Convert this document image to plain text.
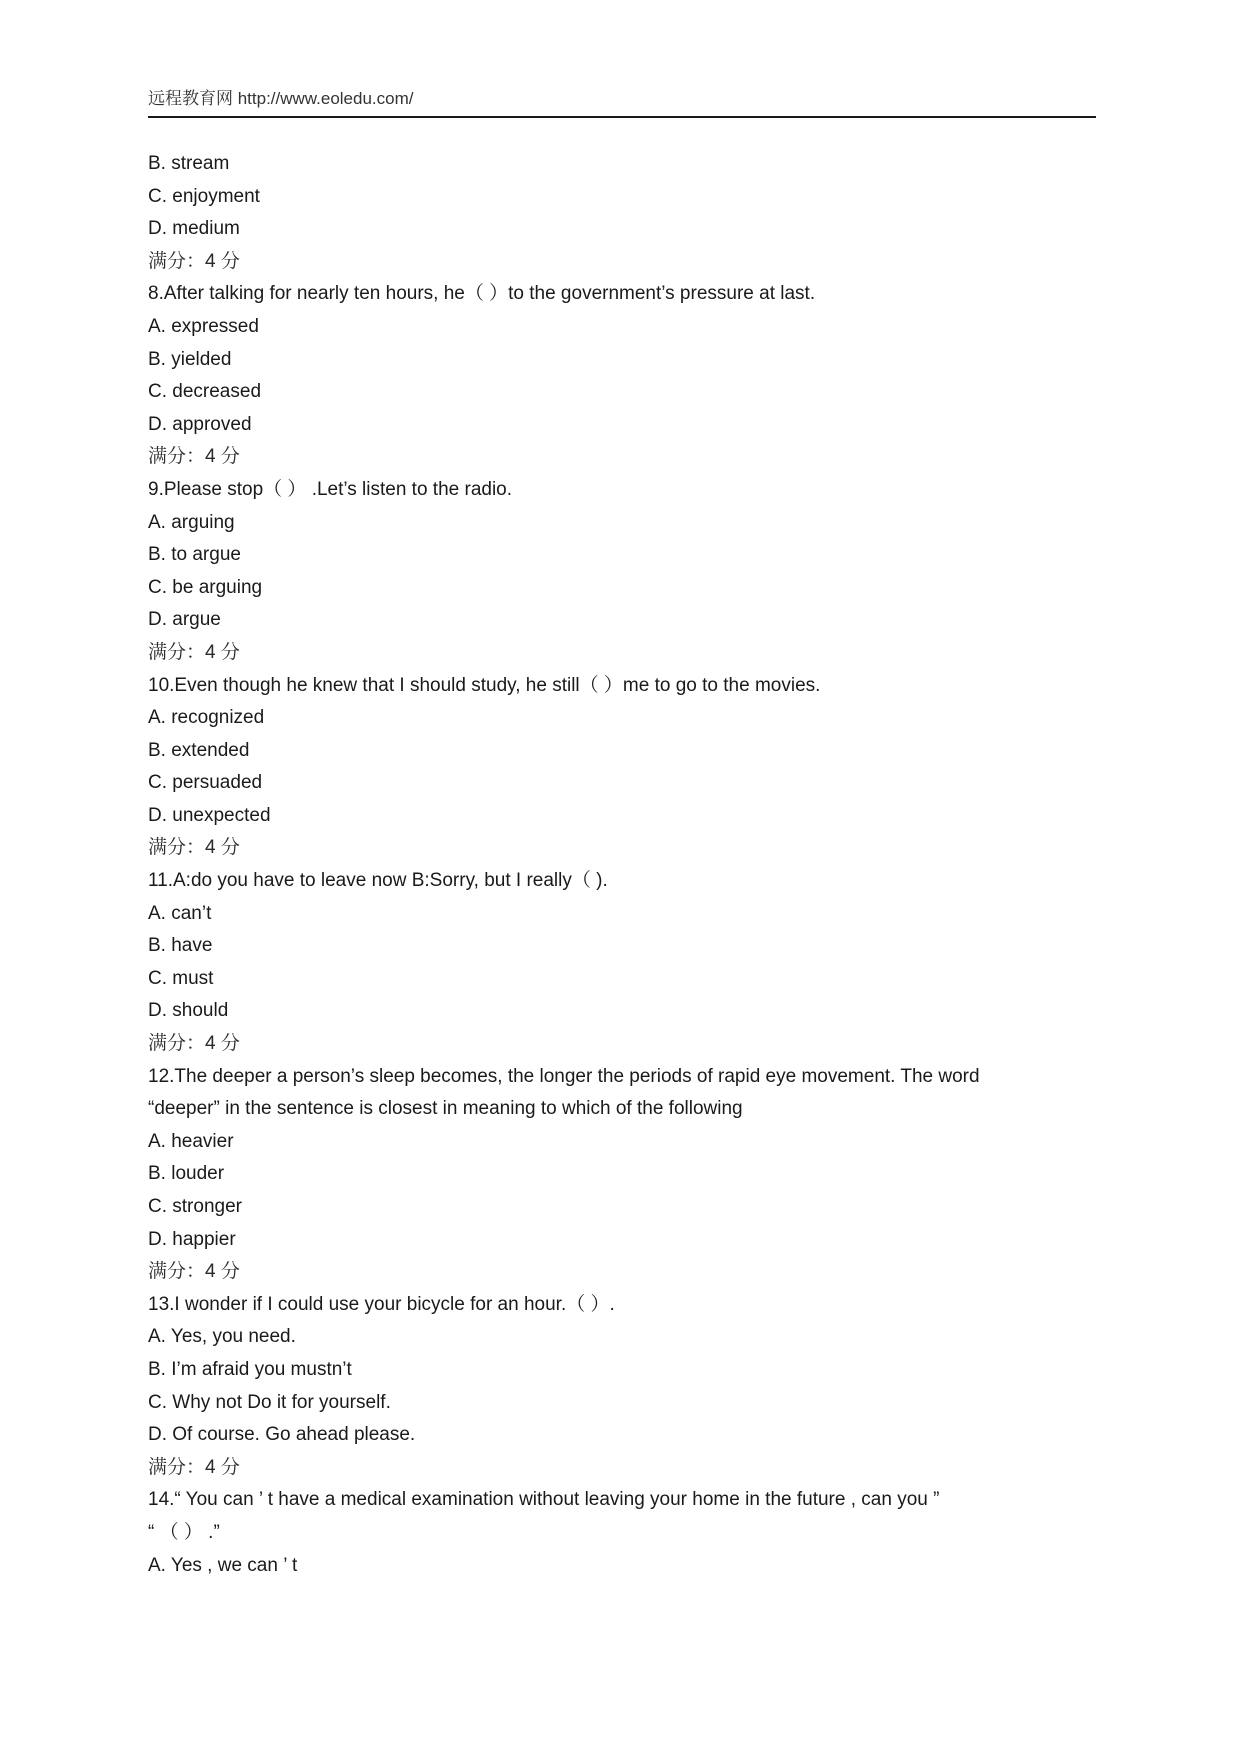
远程教育网 http://www.eoledu.com/

B. stream

C. enjoyment

D. medium

满分：4 分

8.After talking for nearly ten hours, he（ ）to the government’s pressure at last.

A. expressed

B. yielded

C. decreased

D. approved

满分：4 分

9.Please stop（ ） .Let’s listen to the radio.

A. arguing

B. to argue

C. be arguing

D. argue

满分：4 分

10.Even though he knew that I should study, he still（ ）me to go to the movies.

A. recognized

B. extended

C. persuaded

D. unexpected

满分：4 分

11.A:do you have to leave now B:Sorry, but I really（ ).

A. can’t

B. have

C. must

D. should

满分：4 分

12.The deeper a person’s sleep becomes, the longer the periods of rapid eye movement. The word

“deeper” in the sentence is closest in meaning to which of the following

A. heavier

B. louder

C. stronger

D. happier

满分：4 分

13.I wonder if I could use your bicycle for an hour.（ ）.

A. Yes, you need.

B. I’m afraid you mustn’t

C. Why not Do it for yourself.

D. Of course. Go ahead please.

满分：4 分

14.“ You can ’ t have a medical examination without leaving your home in the future , can you ”

“ （ ） .”

A. Yes , we can ’ t
